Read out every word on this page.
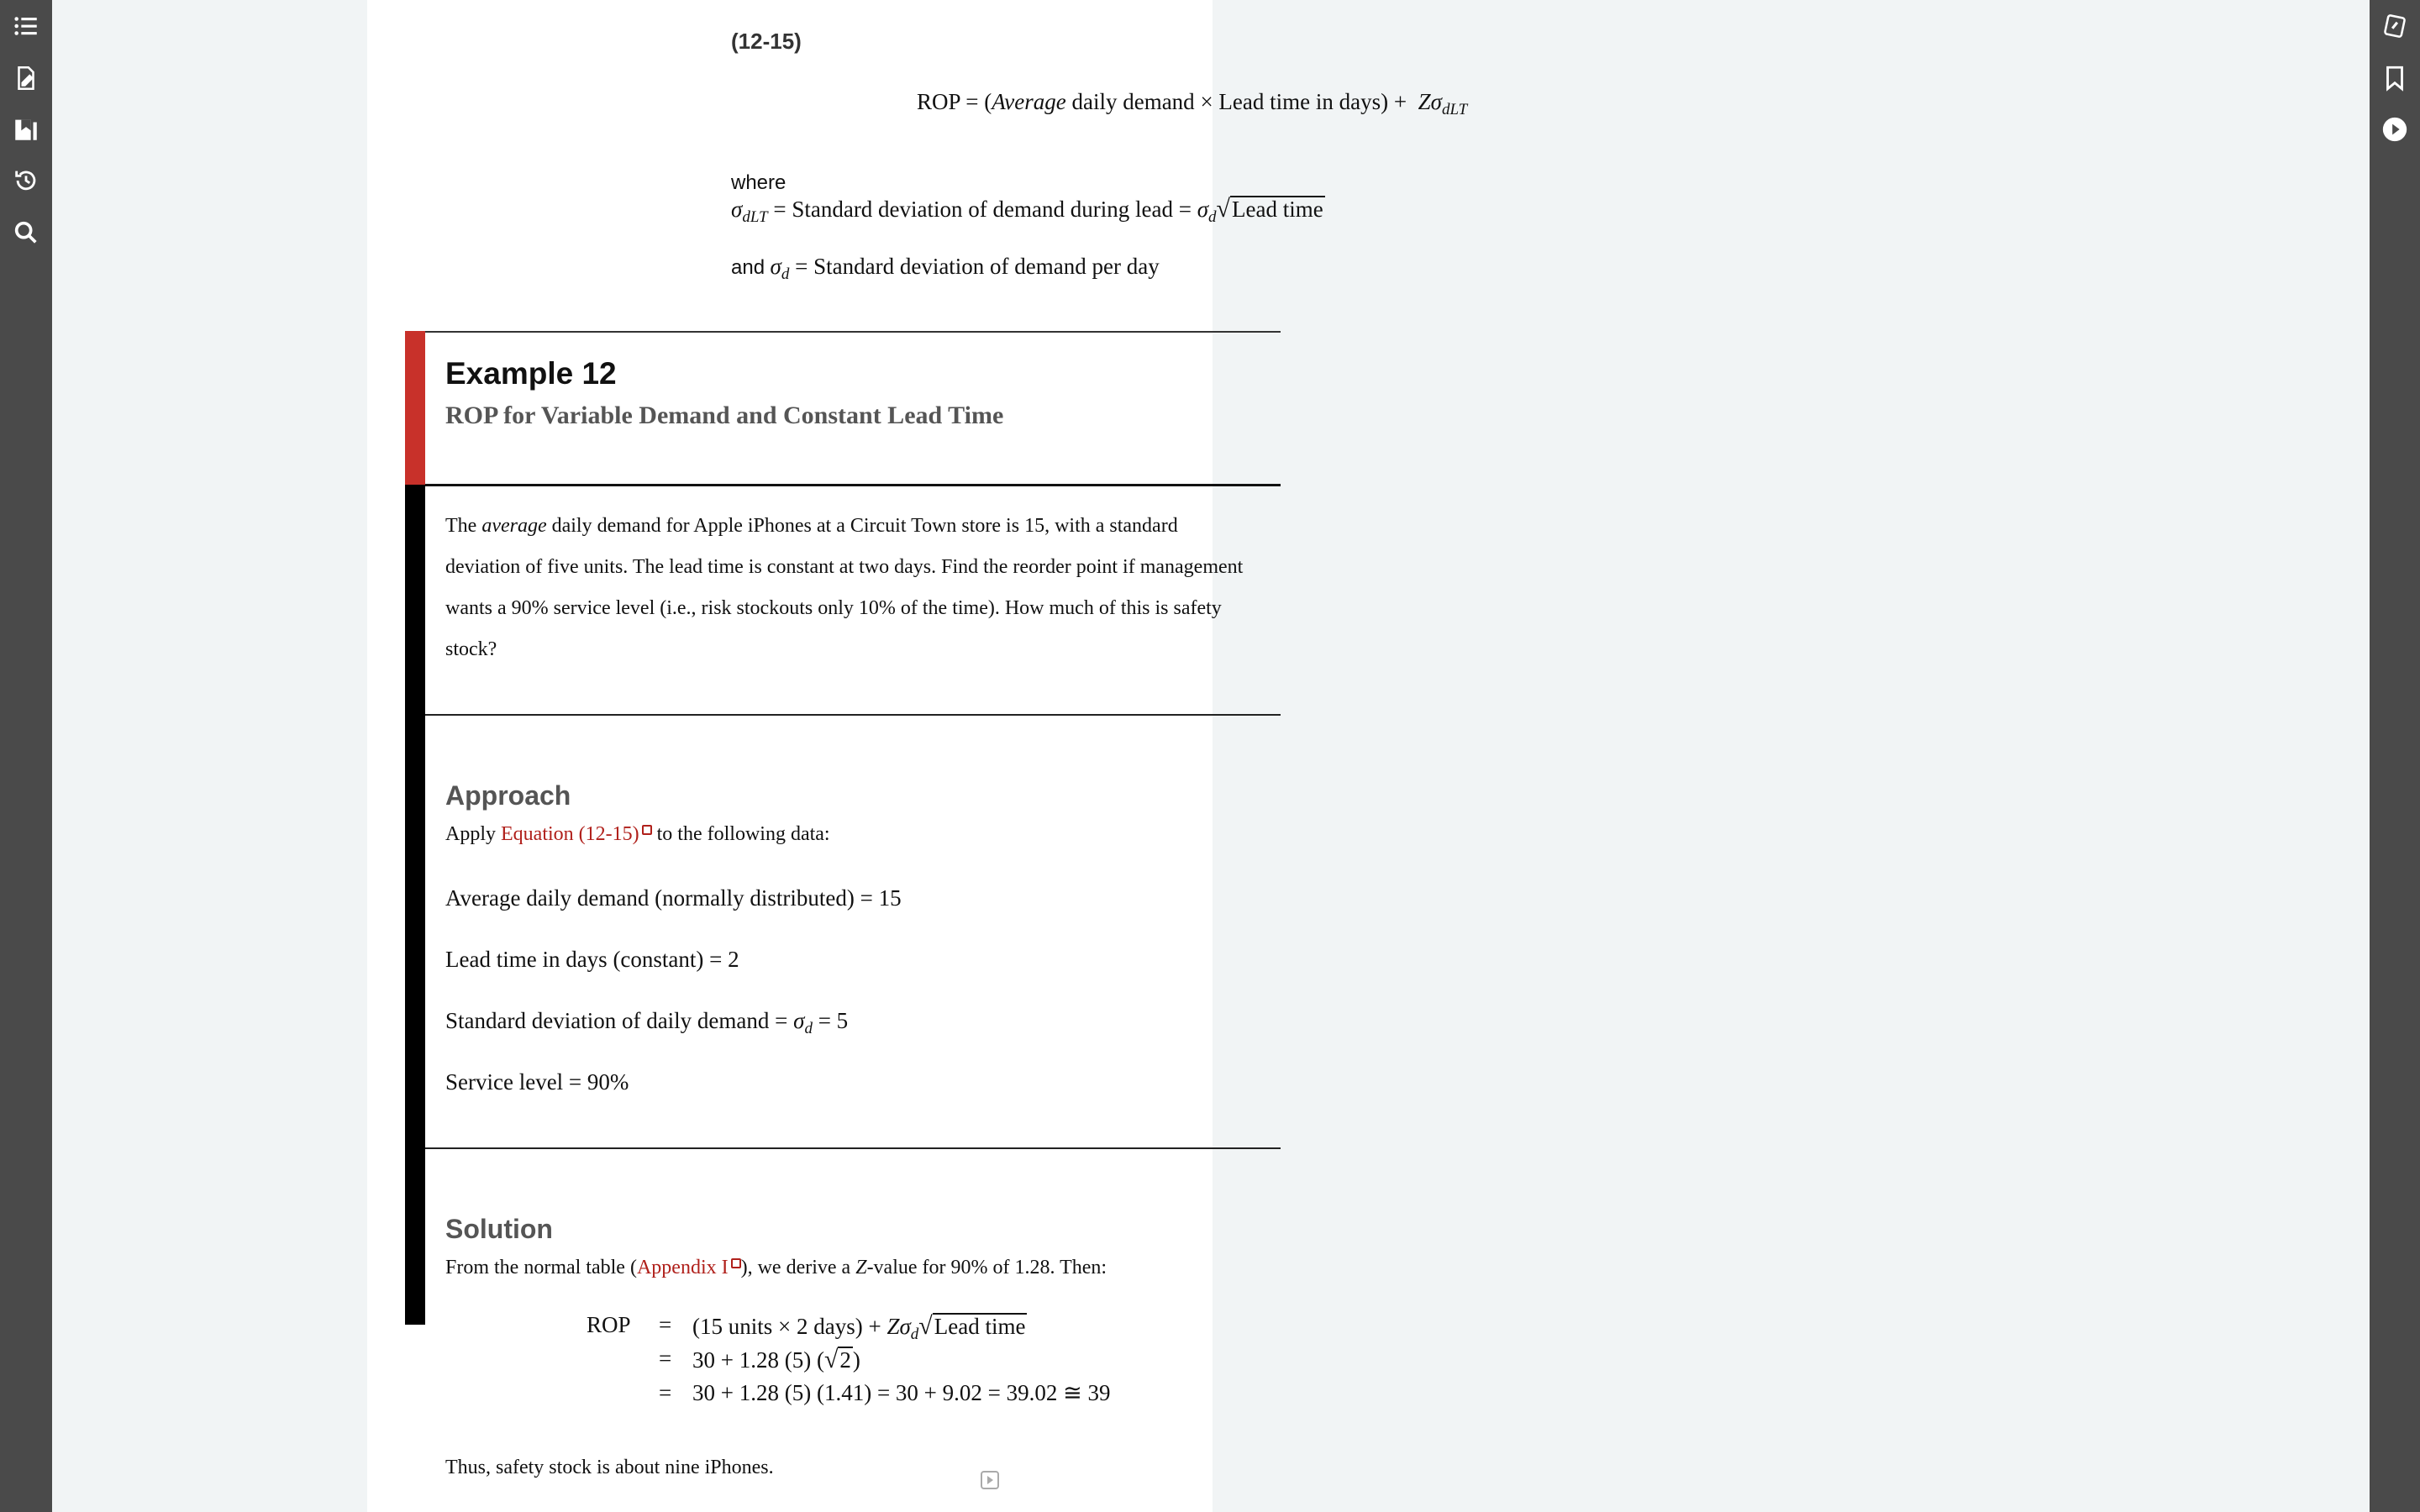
(12-15)
ROP = (Average daily demand × Lead time in days) +  $Z\sigma_{dLT}$
where $\sigma_{dLT}$ = Standard deviation of demand during lead = $\sigma_d√Lead$ time
and $\sigma_d$ = Standard deviation of demand per day
Example 12
ROP for Variable Demand and Constant Lead Time
The average daily demand for Apple iPhones at a Circuit Town store is 15, with a standard deviation of five units. The lead time is constant at two days. Find the reorder point if management wants a 90% service level (i.e., risk stockouts only 10% of the time). How much of this is safety stock?
Approach
Apply Equation (12-15) to the following data:
Average daily demand (normally distributed) = 15
Lead time in days (constant) = 2
Standard deviation of daily demand = $\sigma_d = 5$
Service level = 90%
Solution
From the normal table (Appendix I ), we derive a Z-value for 90% of 1.28. Then:
ROP = (15 units × 2 days) + $Z\sigma_d√Lead$ time
= 30 + 1.28 (5) (√2)
= 30 + 1.28 (5) (1.41) = 30 + 9.02 = 39.02 ≅ 39
Thus, safety stock is about nine iPhones.
